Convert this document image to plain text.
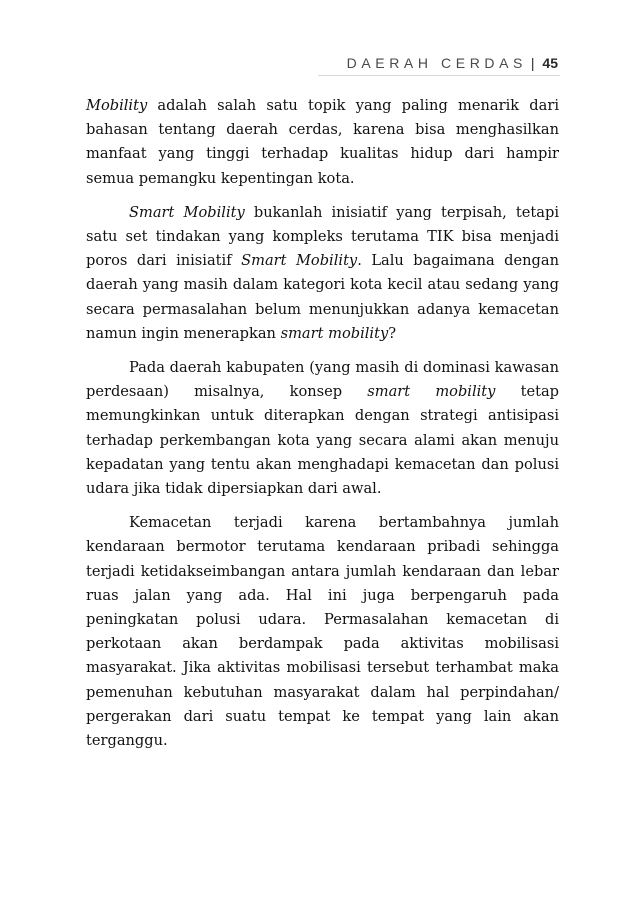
DAERAH CERDAS | 45

Mobility adalah salah satu topik yang paling menarik dari bahasan tentang daerah cerdas, karena bisa menghasilkan manfaat yang tinggi terhadap kualitas hidup dari hampir semua pemangku kepentingan kota.

Smart Mobility bukanlah inisiatif yang terpisah, tetapi satu set tindakan yang kompleks terutama TIK bisa menjadi poros dari inisiatif Smart Mobility. Lalu bagaimana dengan daerah yang masih dalam kategori kota kecil atau sedang yang secara permasalahan belum menunjukkan adanya kemacetan namun ingin menerapkan smart mobility?

Pada daerah kabupaten (yang masih di dominasi kawasan perdesaan) misalnya, konsep smart mobility tetap memungkinkan untuk diterapkan dengan strategi antisipasi terhadap perkembangan kota yang secara alami akan menuju kepadatan yang tentu akan menghadapi kemacetan dan polusi udara jika tidak dipersiapkan dari awal.

Kemacetan terjadi karena bertambahnya jumlah kendaraan bermotor terutama kendaraan pribadi sehingga terjadi ketidakseimbangan antara jumlah kendaraan dan lebar ruas jalan yang ada. Hal ini juga berpengaruh pada peningkatan polusi udara. Permasalahan kemacetan di perkotaan akan berdampak pada aktivitas mobilisasi masyarakat. Jika aktivitas mobilisasi tersebut terhambat maka pemenuhan kebutuhan masyarakat dalam hal perpindahan/ pergerakan dari suatu tempat ke tempat yang lain akan terganggu.
